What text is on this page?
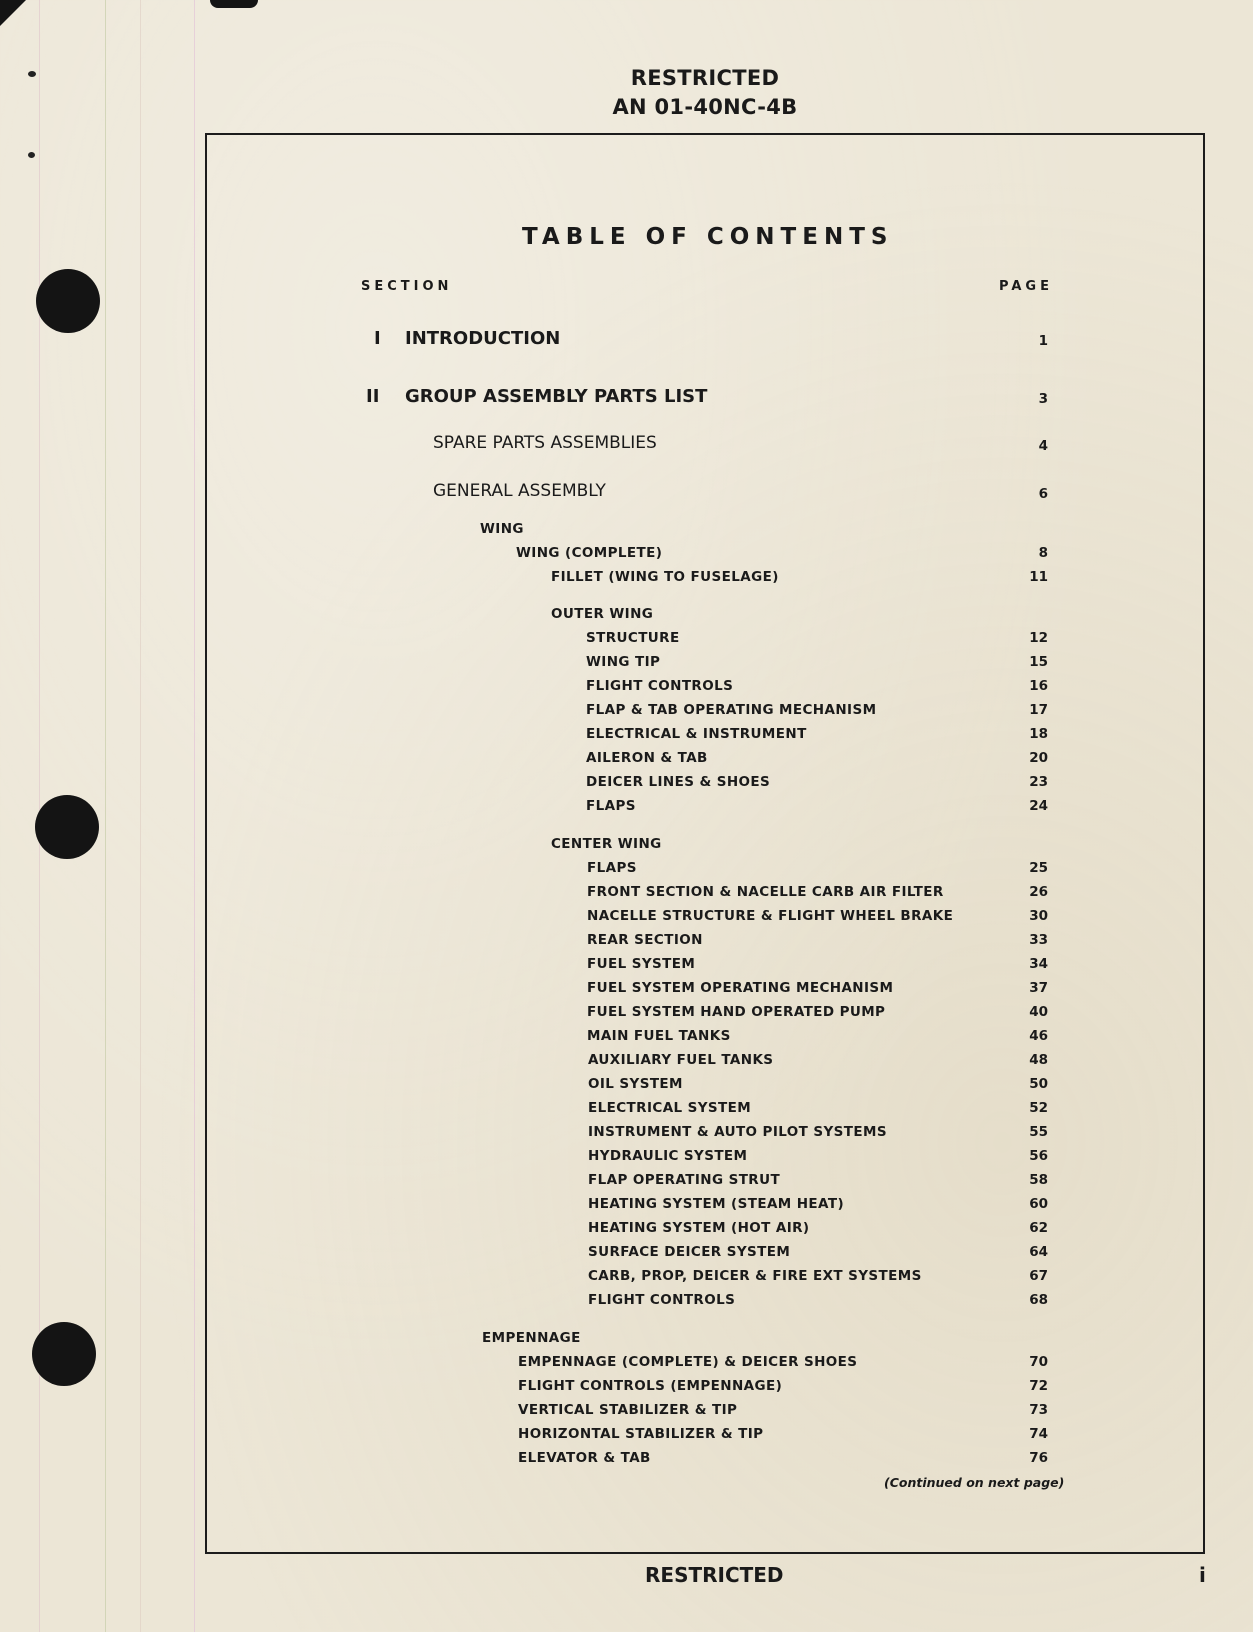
RESTRICTED
AN 01-40NC-4B
TABLE OF CONTENTS
SECTION	PAGE
I INTRODUCTION	1
II GROUP ASSEMBLY PARTS LIST	3
SPARE PARTS ASSEMBLIES	4
GENERAL ASSEMBLY	6
WING
WING (COMPLETE)	8
FILLET (WING TO FUSELAGE)	11
OUTER WING
STRUCTURE	12
WING TIP	15
FLIGHT CONTROLS	16
FLAP & TAB OPERATING MECHANISM	17
ELECTRICAL & INSTRUMENT	18
AILERON & TAB	20
DEICER LINES & SHOES	23
FLAPS	24
CENTER WING
FLAPS	25
FRONT SECTION & NACELLE CARB AIR FILTER	26
NACELLE STRUCTURE & FLIGHT WHEEL BRAKE	30
REAR SECTION	33
FUEL SYSTEM	34
FUEL SYSTEM OPERATING MECHANISM	37
FUEL SYSTEM HAND OPERATED PUMP	40
MAIN FUEL TANKS	46
AUXILIARY FUEL TANKS	48
OIL SYSTEM	50
ELECTRICAL SYSTEM	52
INSTRUMENT & AUTO PILOT SYSTEMS	55
HYDRAULIC SYSTEM	56
FLAP OPERATING STRUT	58
HEATING SYSTEM (STEAM HEAT)	60
HEATING SYSTEM (HOT AIR)	62
SURFACE DEICER SYSTEM	64
CARB, PROP, DEICER & FIRE EXT SYSTEMS	67
FLIGHT CONTROLS	68
EMPENNAGE
EMPENNAGE (COMPLETE) & DEICER SHOES	70
FLIGHT CONTROLS (EMPENNAGE)	72
VERTICAL STABILIZER & TIP	73
HORIZONTAL STABILIZER & TIP	74
ELEVATOR & TAB	76
(Continued on next page)
RESTRICTED	i
